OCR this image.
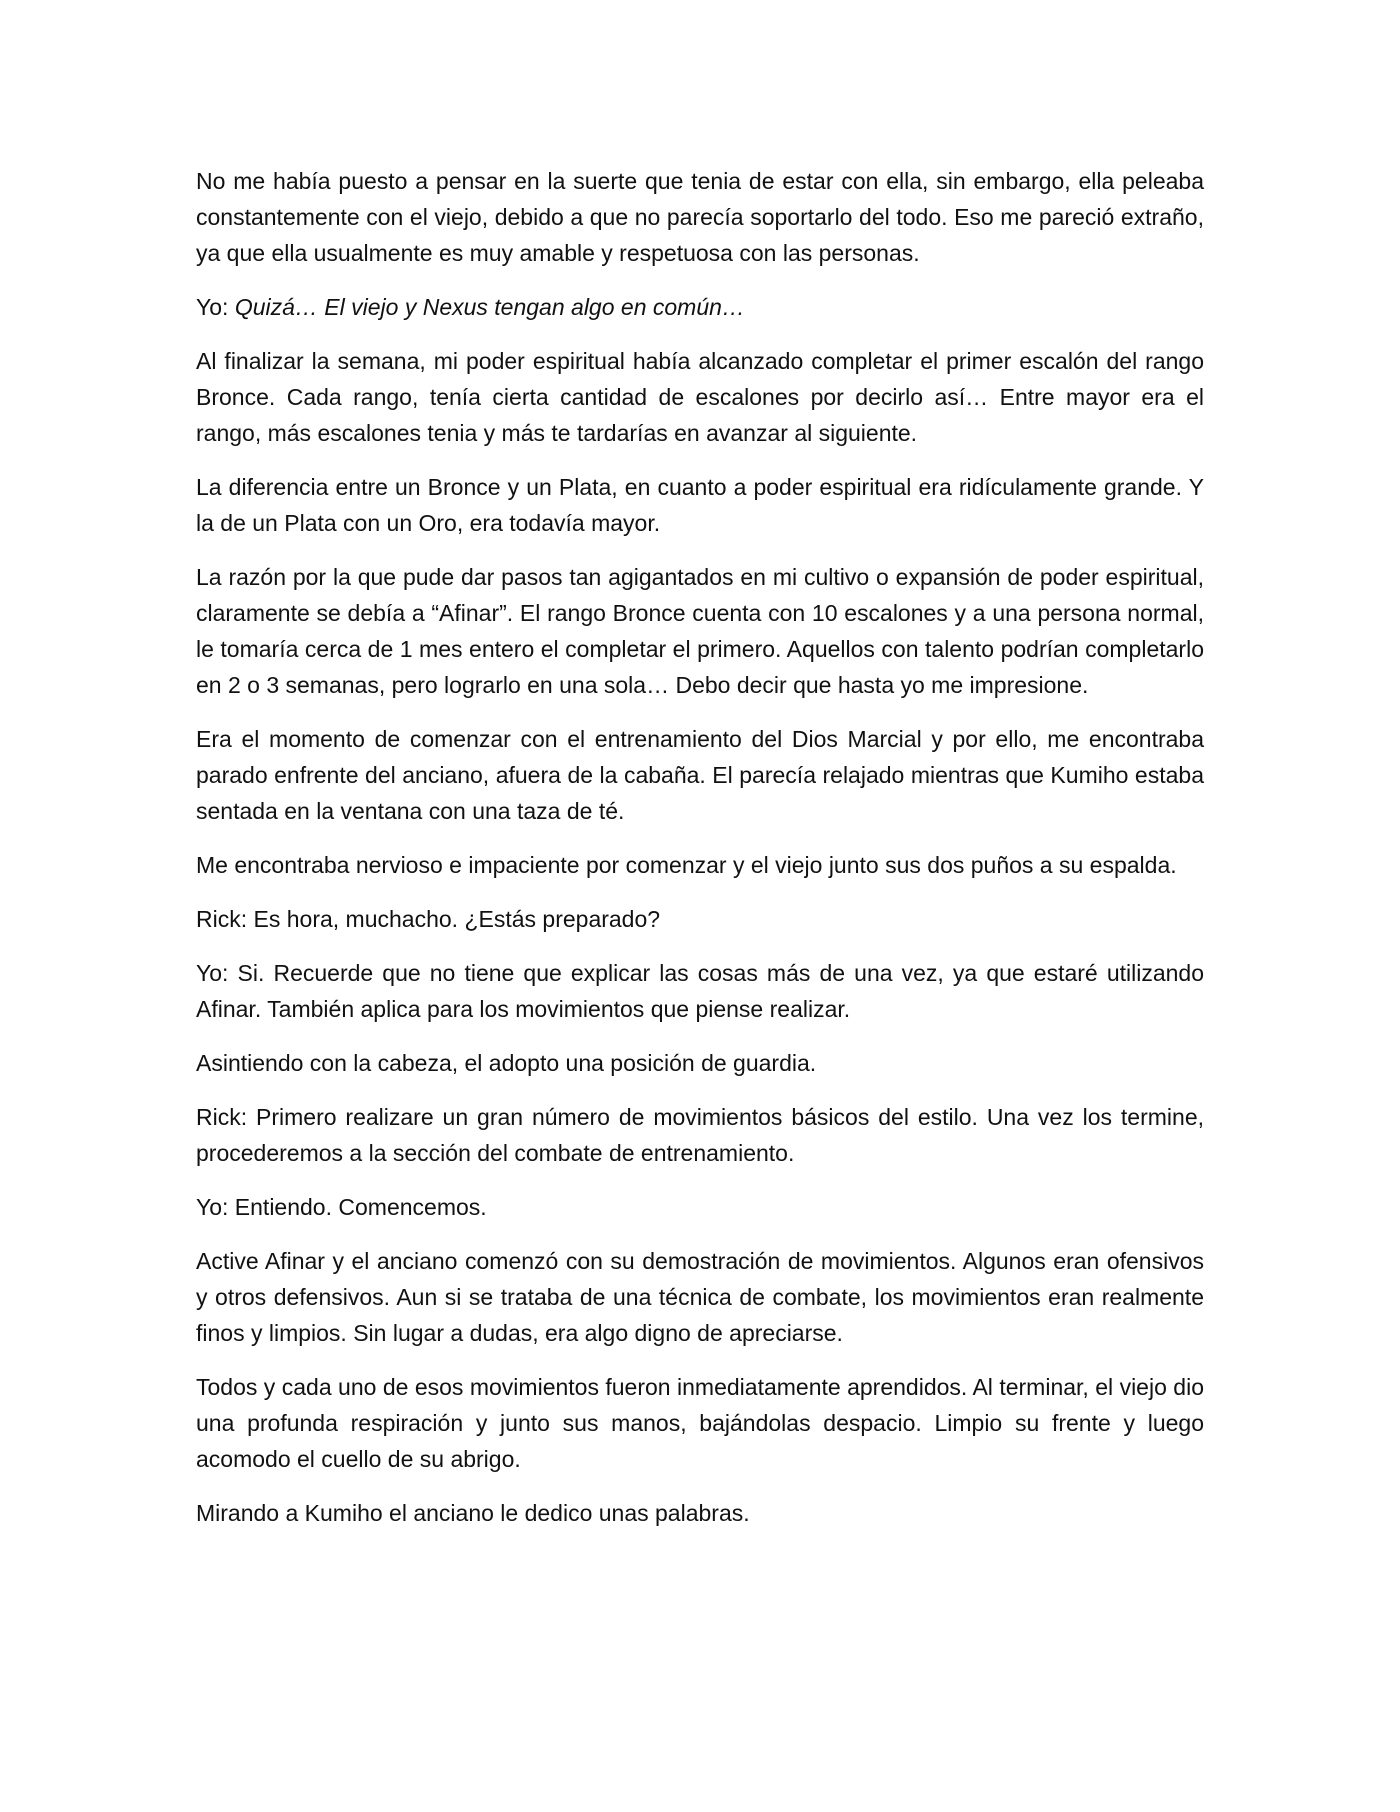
No me había puesto a pensar en la suerte que tenia de estar con ella, sin embargo, ella peleaba constantemente con el viejo, debido a que no parecía soportarlo del todo. Eso me pareció extraño, ya que ella usualmente es muy amable y respetuosa con las personas.

Yo: Quizá… El viejo y Nexus tengan algo en común…

Al finalizar la semana, mi poder espiritual había alcanzado completar el primer escalón del rango Bronce. Cada rango, tenía cierta cantidad de escalones por decirlo así… Entre mayor era el rango, más escalones tenia y más te tardarías en avanzar al siguiente.

La diferencia entre un Bronce y un Plata, en cuanto a poder espiritual era ridículamente grande. Y la de un Plata con un Oro, era todavía mayor.

La razón por la que pude dar pasos tan agigantados en mi cultivo o expansión de poder espiritual, claramente se debía a “Afinar”. El rango Bronce cuenta con 10 escalones y a una persona normal, le tomaría cerca de 1 mes entero el completar el primero. Aquellos con talento podrían completarlo en 2 o 3 semanas, pero lograrlo en una sola… Debo decir que hasta yo me impresione.

Era el momento de comenzar con el entrenamiento del Dios Marcial y por ello, me encontraba parado enfrente del anciano, afuera de la cabaña. El parecía relajado mientras que Kumiho estaba sentada en la ventana con una taza de té.

Me encontraba nervioso e impaciente por comenzar y el viejo junto sus dos puños a su espalda.

Rick: Es hora, muchacho. ¿Estás preparado?

Yo: Si. Recuerde que no tiene que explicar las cosas más de una vez, ya que estaré utilizando Afinar. También aplica para los movimientos que piense realizar.

Asintiendo con la cabeza, el adopto una posición de guardia.

Rick: Primero realizare un gran número de movimientos básicos del estilo. Una vez los termine, procederemos a la sección del combate de entrenamiento.

Yo: Entiendo. Comencemos.

Active Afinar y el anciano comenzó con su demostración de movimientos. Algunos eran ofensivos y otros defensivos. Aun si se trataba de una técnica de combate, los movimientos eran realmente finos y limpios. Sin lugar a dudas, era algo digno de apreciarse.

Todos y cada uno de esos movimientos fueron inmediatamente aprendidos. Al terminar, el viejo dio una profunda respiración y junto sus manos, bajándolas despacio. Limpio su frente y luego acomodo el cuello de su abrigo.

Mirando a Kumiho el anciano le dedico unas palabras.
